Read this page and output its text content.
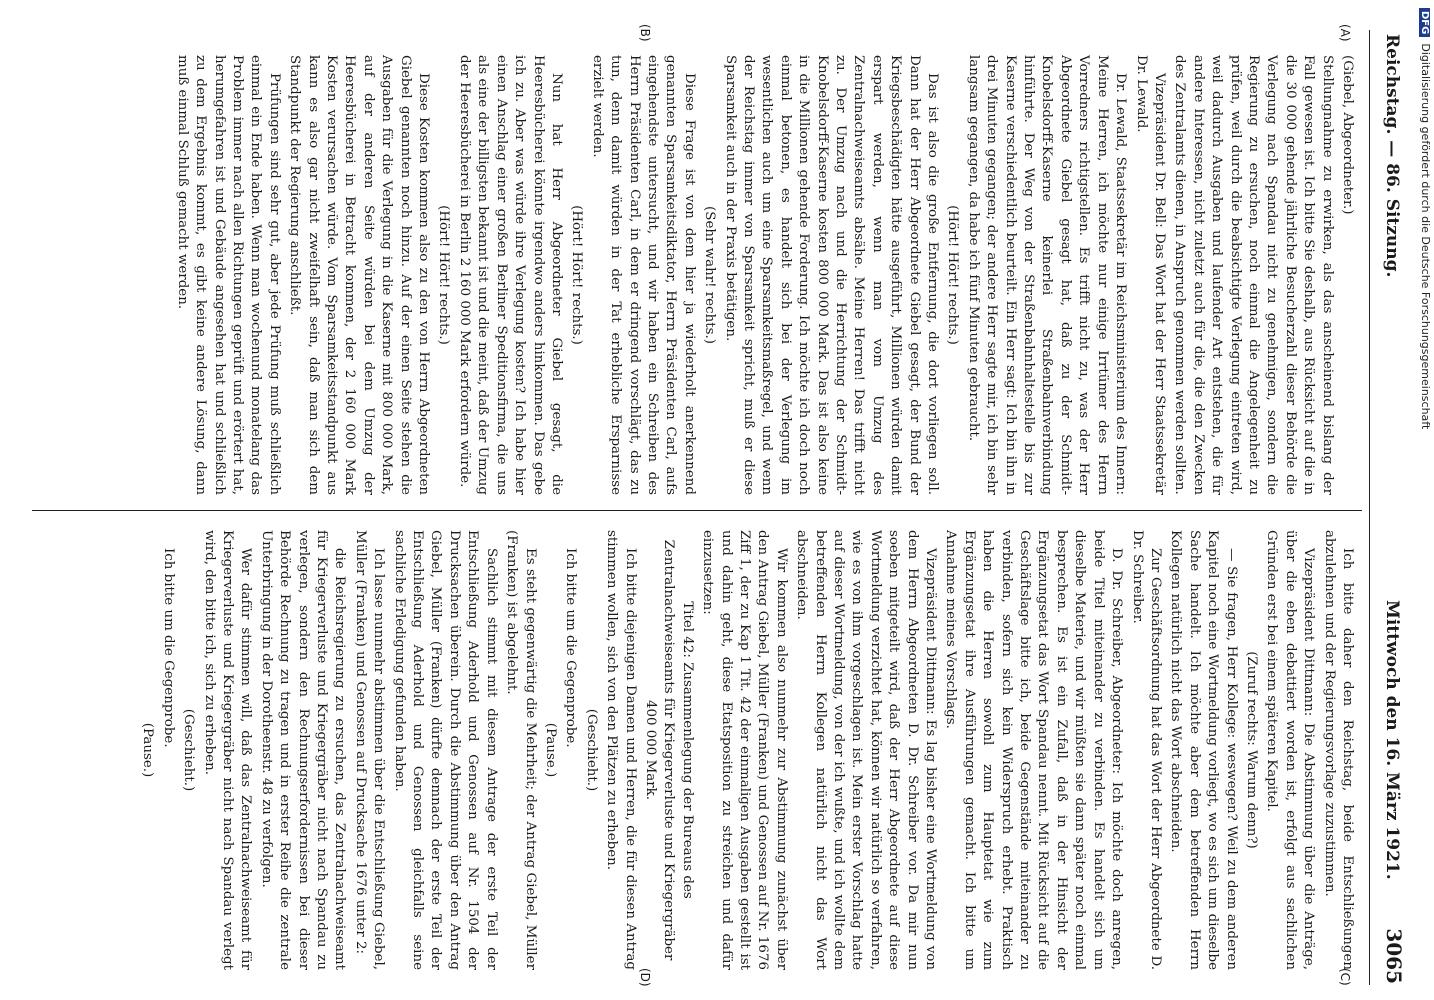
Reichstag. — 86. Sitzung.
Mittwoch den 16. März 1921.
3065
(A)
(B)
(C)
(D)

(Giebel, Abgeordneter.)

Stellungnahme zu erwirken, als das anscheinend bislang der Fall gewesen ist. Ich bitte Sie deshalb, aus Rücksicht auf die in die 30 000 gehende jährliche Besucherzahl dieser Behörde die Verlegung nach Spandau nicht zu genehmigen, sondern die Regierung zu ersuchen, noch einmal die Angelegenheit zu prüfen, weil durch die beabsichtigte Verlegung eintreten wird, weil dadurch Ausgaben und laufender Art entstehen, die für andere Interessen, nicht zuletzt auch für die, die den Zwecken des Zentralamts dienen, in Anspruch genommen werden sollten.

Vizepräsident Dr. Bell: Das Wort hat der Herr Staatssekretär Dr. Lewald.

Dr. Lewald, Staatssekretär im Reichsministerium des Innern: Meine Herren, ich möchte nur einige Irrtümer des Herrn Vorredners richtigstellen. Es trifft nicht zu, was der Herr Abgeordnete Giebel gesagt hat, daß zu der Schmidt-Knobelsdorff-Kaserne keinerlei Straßenbahnverbindung hinführte. Der Weg von der Straßenbahnhaltestelle bis zur Kaserne verschiedentlich beurteilt. Ein Herr sagt: Ich bin ihn in drei Minuten gegangen; der andere Herr sagte mir, ich bin sehr langsam gegangen, da habe ich fünf Minuten gebraucht.

(Hört! Hört! rechts.)

Das ist also die große Entfernung, die dort vorliegen soll. Dann hat der Herr Abgeordnete Giebel gesagt, der Bund der Kriegsbeschädigten hätte ausgeführt, Millionen würden damit erspart werden, wenn man vom Umzug des Zentralnachweiseamts absähe. Meine Herren! Das trifft nicht zu. Der Umzug nach und die Herrichtung der Schmidt-Knobelsdorff-Kaserne kosten 800 000 Mark. Das ist also keine in die Millionen gehende Forderung. Ich möchte ich doch noch einmal betonen, es handelt sich bei der Verlegung im wesentlichen auch um eine Sparsamkeitsmaßregel, und wenn der Reichstag immer von Sparsamkeit spricht, muß er diese Sparsamkeit auch in der Praxis betätigen.

(Sehr wahr! rechts.)

Diese Frage ist von dem hier ja wiederholt anerkennend genannten Sparsamkeitsdiktator, Herrn Präsidenten Carl, aufs eingehendste untersucht, und wir haben ein Schreiben des Herrn Präsidenten Carl, in dem er dringend vorschlägt, das zu tun, denn damit würden in der Tat erhebliche Ersparnisse erzielt werden.

(Hört! Hört! rechts.)

Nun hat Herr Abgeordneter Giebel gesagt, die Heeresbücherei könnte irgendwo anders hinkommen. Das gebe ich zu. Aber was würde ihre Verlegung kosten? Ich habe hier einen Anschlag einer großen Berliner Speditionsfirma, die uns als eine der billigsten bekannt ist und die meint, daß der Umzug der Heeresbücherei in Berlin 2 160 000 Mark erfordern würde.

(Hört! Hört! rechts.)

Diese Kosten kommen also zu den von Herrn Abgeordneten Giebel genannten noch hinzu. Auf der einen Seite stehen die Ausgaben für die Verlegung in die Kaserne mit 800 000 Mark, auf der anderen Seite würden bei dem Umzug der Heeresbücherei in Betracht kommen, der 2 160 000 Mark Kosten verursachen würde. Vom Sparsamkeitsstandpunkt aus kann es also gar nicht zweifelhaft sein, daß man sich dem Standpunkt der Regierung anschließt.

Prüfungen sind sehr gut, aber jede Prüfung muß schließlich einmal ein Ende haben. Wenn man wochenund monatelang das Problem immer nach allen Richtungen geprüft und erörtert hat, herumgefahren ist und Gebäude angesehen hat und schließlich zu dem Ergebnis kommt, es gibt keine andere Lösung, dann muß einmal Schluß gemacht werden.

Ich bitte daher den Reichstag, beide Entschließungen abzulehnen und der Regierungsvorlage zuzustimmen.

Vizepräsident Dittmann: Die Abstimmung über die Anträge, über die eben debattiert worden ist, erfolgt aus sachlichen Gründen erst bei einem späteren Kapitel.

(Zuruf rechts: Warum denn?)

— Sie fragen, Herr Kollege: weswegen? Weil zu dem anderen Kapitel noch eine Wortmeldung vorliegt, wo es sich um dieselbe Sache handelt. Ich möchte aber dem betreffenden Herrn Kollegen natürlich nicht das Wort abschneiden.

Zur Geschäftsordnung hat das Wort der Herr Abgeordnete D. Dr. Schreiber.

D. Dr. Schreiber, Abgeordneter: Ich möchte doch anregen, beide Titel miteinander zu verbinden. Es handelt sich um dieselbe Materie, und wir müßten sie dann später noch einmal besprechen. Es ist ein Zufall, daß in der Hinsicht der Ergänzungsetat das Wort Spandau nennt. Mit Rücksicht auf die Geschäftslage bitte ich, beide Gegenstände miteinander zu verbinden, sofern sich kein Widerspruch erhebt. Praktisch haben die Herren sowohl zum Hauptetat wie zum Ergänzungsetat ihre Ausführungen gemacht. Ich bitte um Annahme meines Vorschlags.

Vizepräsident Dittmann: Es lag bisher eine Wortmeldung von dem Herrn Abgeordneten D. Dr. Schreiber vor. Da mir nun soeben mitgeteilt wird, daß der Herr Abgeordnete auf diese Wortmeldung verzichtet hat, können wir natürlich so verfahren, wie es von ihm vorgeschlagen ist. Mein erster Vorschlag hatte auf dieser Wortmeldung, von der ich wußte, und ich wollte dem betreffenden Herrn Kollegen natürlich nicht das Wort abschneiden.

Wir kommen also nunmehr zur Abstimmung zunächst über den Antrag Giebel, Müller (Franken) und Genossen auf Nr. 1676 Ziff 1, der zu Kap 1 Tit. 42 der einmaligen Ausgaben gestellt ist und dahin geht, diese Etatsposition zu streichen und dafür einzusetzen:

Titel 42: Zusammenlegung der Bureaus des Zentralnachweiseamts für Kriegerverluste und Kriegergräber 400 000 Mark.

Ich bitte diejenigen Damen und Herren, die für diesen Antrag stimmen wollen, sich von den Plätzen zu erheben.

(Geschieht.)

Ich bitte um die Gegenprobe.

(Pause.)

Es steht gegenwärtig die Mehrheit; der Antrag Giebel, Müller (Franken) ist abgelehnt.

Sachlich stimmt mit diesem Antrage der erste Teil der Entschließung Aderhold und Genossen auf Nr. 1504 der Drucksachen überein. Durch die Abstimmung über den Antrag Giebel, Müller (Franken) dürfte demnach der erste Teil der Entschließung Aderhold und Genossen gleichfalls seine sachliche Erledigung gefunden haben.

Ich lasse nunmehr abstimmen über die Entschließung Giebel, Müller (Franken) und Genossen auf Drucksache 1676 unter 2:

die Reichsregierung zu ersuchen, das Zentralnachweiseamt für Kriegerverluste und Kriegergräber nicht nach Spandau zu verlegen, sondern den Rechnungserfordernissen bei dieser Behörde Rechnung zu tragen und in erster Reihe die zentrale Unterbringung in der Dorotheenstr. 48 zu verfolgen.

Wer dafür stimmen will, daß das Zentralnachweiseamt für Kriegerverluste und Kriegergräber nicht nach Spandau verlegt wird, den bitte ich, sich zu erheben.

(Geschieht.)

Ich bitte um die Gegenprobe.

(Pause.)

DFGDigitalisierung gefördert durch die Deutsche Forschungsgemeinschaft
